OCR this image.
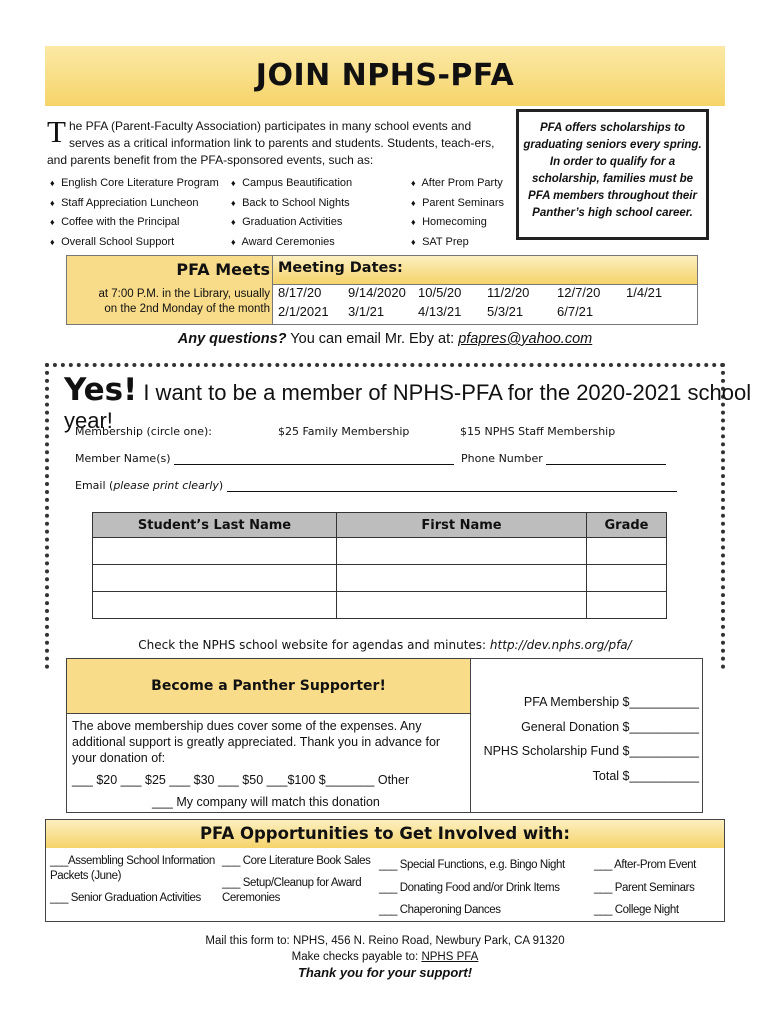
JOIN NPHS-PFA
The PFA (Parent-Faculty Association) participates in many school events and serves as a critical information link to parents and students. Students, teach-ers, and parents benefit from the PFA-sponsored events, such as:
♦ English Core Literature Program
♦ Staff Appreciation Luncheon
♦ Coffee with the Principal
♦ Overall School Support
♦ Campus Beautification
♦ Back to School Nights
♦ Graduation Activities
♦ Award Ceremonies
♦ After Prom Party
♦ Parent Seminars
♦ Homecoming
♦ SAT Prep
PFA offers scholarships to graduating seniors every spring. In order to qualify for a scholarship, families must be PFA members throughout their Panther’s high school career.
PFA Meets
at 7:00 P.M. in the Library, usually
on the 2nd Monday of the month
Meeting Dates:
8/17/20 9/14/2020 10/5/20 11/2/20 12/7/20 1/4/21
2/1/2021 3/1/21	4/13/21 5/3/21	6/7/21
Any questions? You can email Mr. Eby at: pfapres@yahoo.com
Yes! I want to be a member of NPHS-PFA for the 2020-2021 school year!
Membership (circle one):	$25 Family Membership	$15 NPHS Staff Membership
Member Name(s)	Phone Number
Email (please print clearly)
Student’s Last Name	First Name	Grade

Check the NPHS school website for agendas and minutes: http://dev.nphs.org/pfa/
Become a Panther Supporter!
The above membership dues cover some of the expenses. Any additional support is greatly appreciated. Thank you in advance for your donation of:
___ $20 ___ $25 ___ $30 ___ $50 ___$100 $_______ Other
___ My company will match this donation
PFA Membership $__________
General Donation $__________
NPHS Scholarship Fund $__________
Total $__________
PFA Opportunities to Get Involved with:
___Assembling School Information Packets (June)
___ Senior Graduation Activities
___ Core Literature Book Sales
___ Setup/Cleanup for Award Ceremonies
___ Special Functions, e.g. Bingo Night
___ Donating Food and/or Drink Items
___ Chaperoning Dances
___ After-Prom Event
___ Parent Seminars
___ College Night
Mail this form to: NPHS, 456 N. Reino Road, Newbury Park, CA 91320
Make checks payable to: NPHS PFA
Thank you for your support!
